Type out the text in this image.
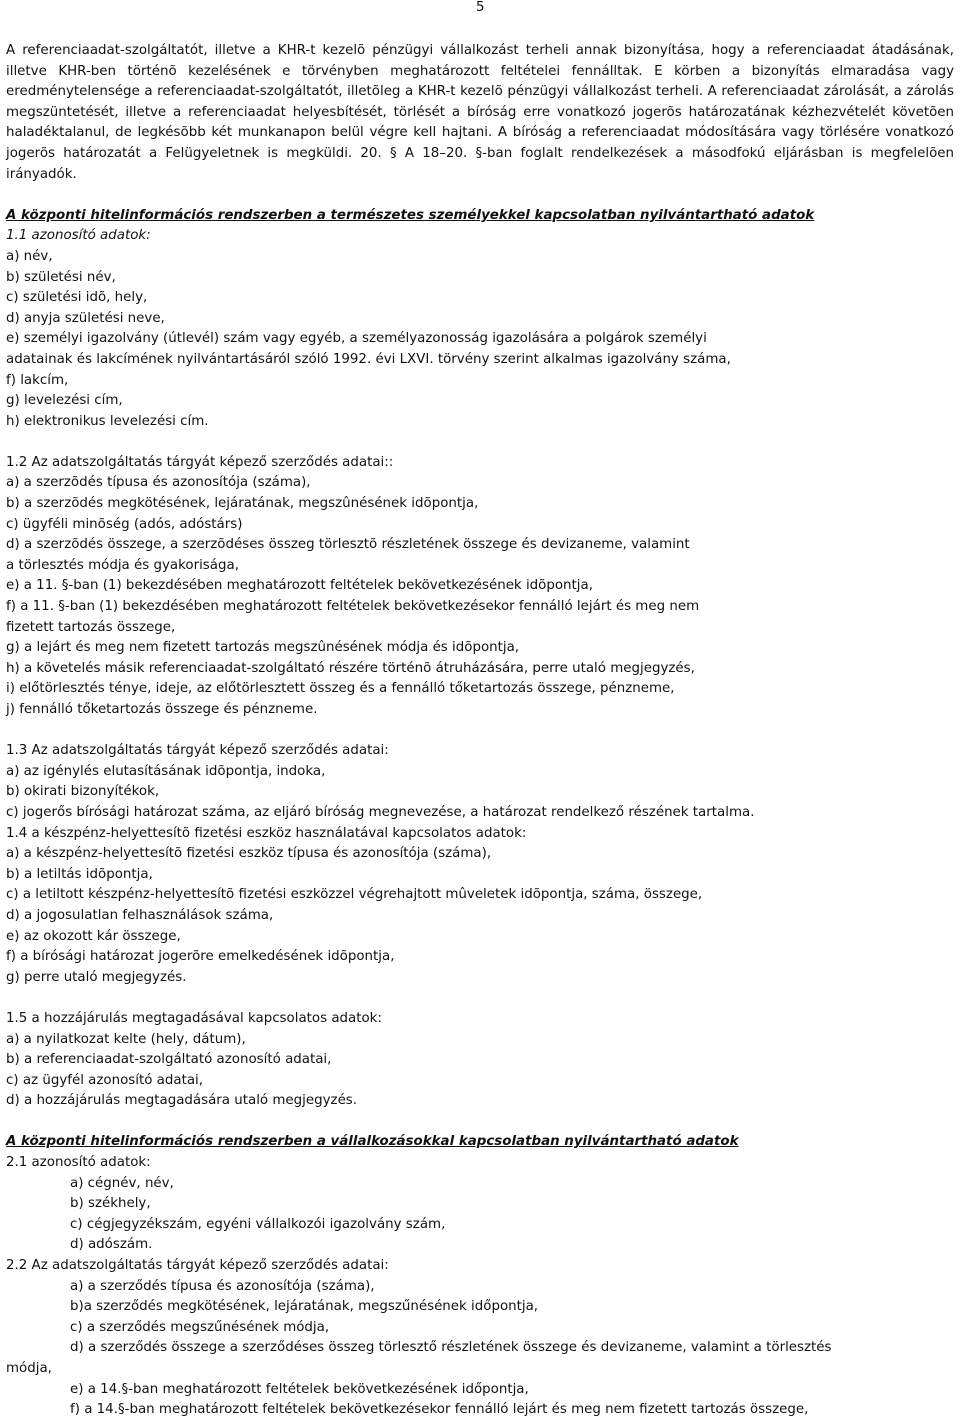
5

A referenciaadat-szolgáltatót, illetve a KHR-t kezelõ pénzügyi vállalkozást terheli annak bizonyítása, hogy a referenciaadat átadásának, illetve KHR-ben történõ kezelésének e törvényben meghatározott feltételei fennálltak. E körben a bizonyítás elmaradása vagy eredménytelensége a referenciaadat-szolgáltatót, illetõleg a KHR-t kezelõ pénzügyi vállalkozást terheli. A referenciaadat zárolását, a zárolás megszüntetését, illetve a referenciaadat helyesbítését, törlését a bíróság erre vonatkozó jogerõs határozatának kézhezvételét követõen haladéktalanul, de legkésõbb két munkanapon belül végre kell hajtani. A bíróság a referenciaadat módosítására vagy törlésére vonatkozó jogerõs határozatát a Felügyeletnek is megküldi. 20. § A 18–20. §-ban foglalt rendelkezések a másodfokú eljárásban is megfelelõen irányadók.

A központi hitelinformációs rendszerben a természetes személyekkel kapcsolatban nyilvántartható adatok

1.1 azonosító adatok:

a) név,

b) születési név,

c) születési idõ, hely,

d) anyja születési neve,

e) személyi igazolvány (útlevél) szám vagy egyéb, a személyazonosság igazolására a polgárok személyi

adatainak és lakcímének nyilvántartásáról szóló 1992. évi LXVI. törvény szerint alkalmas igazolvány száma,

f) lakcím,

g) levelezési cím,

h) elektronikus levelezési cím.

1.2 Az adatszolgáltatás tárgyát képező szerződés adatai::

a) a szerzõdés típusa és azonosítója (száma),

b) a szerzõdés megkötésének, lejáratának, megszûnésének idõpontja,

c) ügyféli minõség (adós, adóstárs)

d) a szerzõdés összege, a szerzõdéses összeg törlesztõ részletének összege és devizaneme, valamint

a törlesztés módja és gyakorisága,

e) a 11. §-ban (1) bekezdésében meghatározott feltételek bekövetkezésének idõpontja,

f) a 11. §-ban (1) bekezdésében meghatározott feltételek bekövetkezésekor fennálló lejárt és meg nem

fizetett tartozás összege,

g) a lejárt és meg nem fizetett tartozás megszûnésének módja és idõpontja,

h) a követelés másik referenciaadat-szolgáltató részére történõ átruházására, perre utaló megjegyzés,

i) előtörlesztés ténye, ideje, az előtörlesztett összeg és a fennálló tőketartozás összege, pénzneme,

j) fennálló tőketartozás összege és pénzneme.

1.3 Az adatszolgáltatás tárgyát képező szerződés adatai:

a) az igénylés elutasításának idõpontja, indoka,

b) okirati bizonyítékok,

c) jogerős bírósági határozat száma, az eljáró bíróság megnevezése, a határozat rendelkező részének tartalma.

1.4 a készpénz-helyettesítõ fizetési eszköz használatával kapcsolatos adatok:

a) a készpénz-helyettesítõ fizetési eszköz típusa és azonosítója (száma),

b) a letiltás idõpontja,

c) a letiltott készpénz-helyettesítõ fizetési eszközzel végrehajtott mûveletek idõpontja, száma, összege,

d) a jogosulatlan felhasználások száma,

e) az okozott kár összege,

f) a bírósági határozat jogerõre emelkedésének idõpontja,

g) perre utaló megjegyzés.

1.5 a hozzájárulás megtagadásával kapcsolatos adatok:

a) a nyilatkozat kelte (hely, dátum),

b) a referenciaadat-szolgáltató azonosító adatai,

c) az ügyfél azonosító adatai,

d) a hozzájárulás megtagadására utaló megjegyzés.

A központi hitelinformációs rendszerben a vállalkozásokkal kapcsolatban nyilvántartható adatok

2.1 azonosító adatok:

a) cégnév, név,

b) székhely,

c) cégjegyzékszám, egyéni vállalkozói igazolvány szám,

d) adószám.

2.2 Az adatszolgáltatás tárgyát képező szerződés adatai:

a) a szerződés típusa és azonosítója (száma),

b)a szerződés megkötésének, lejáratának, megszűnésének időpontja,

c) a szerződés megszűnésének módja,

d) a szerződés összege a szerződéses összeg törlesztő részletének összege és devizaneme, valamint a törlesztés

módja,

e) a 14.§-ban meghatározott feltételek bekövetkezésének időpontja,

f) a 14.§-ban meghatározott feltételek bekövetkezésekor fennálló lejárt és meg nem fizetett tartozás összege,
